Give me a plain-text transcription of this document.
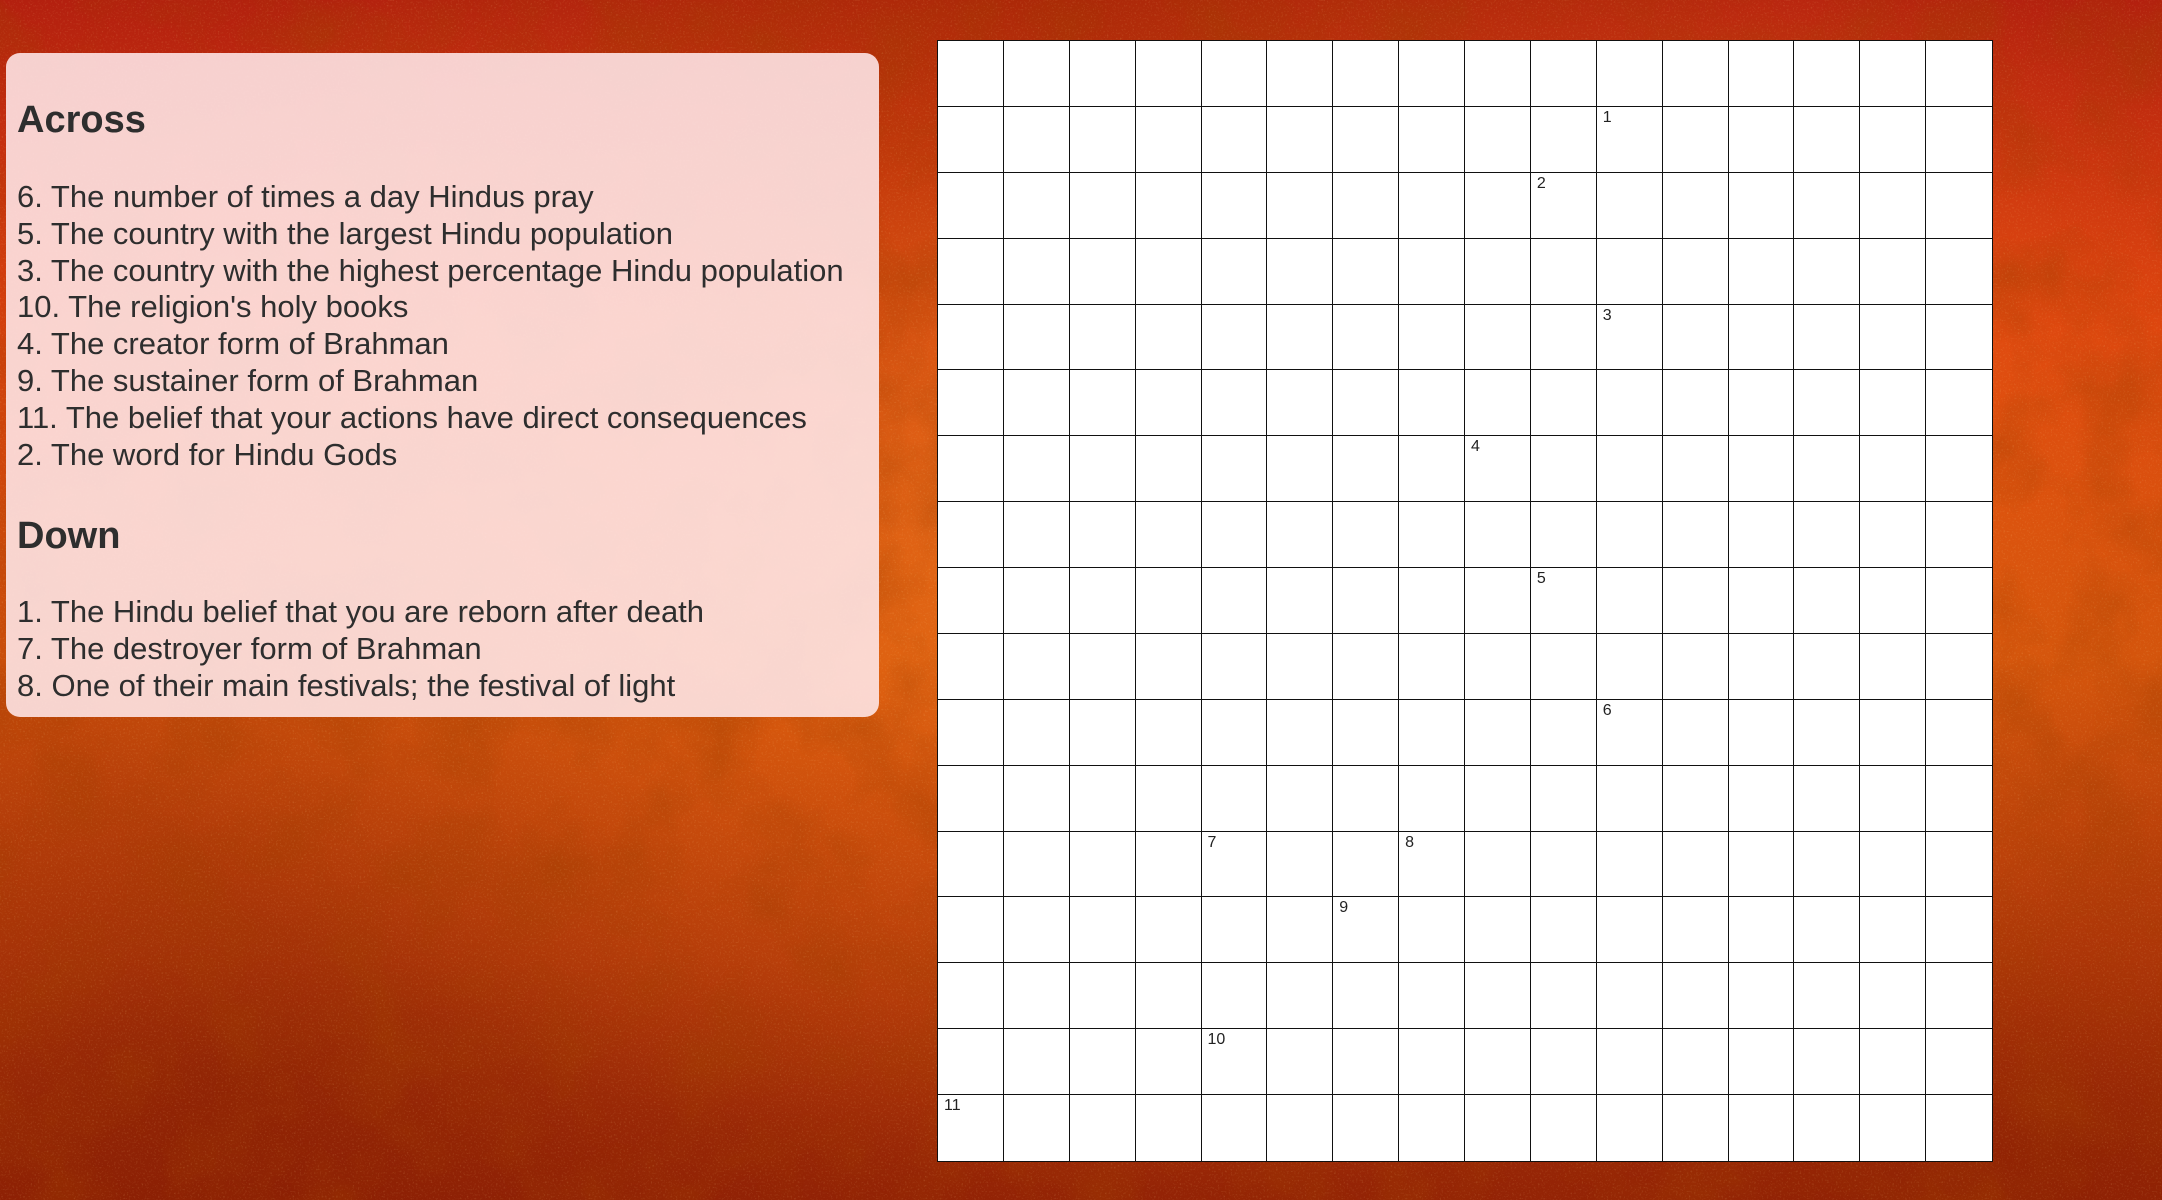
Across
6. The number of times a day Hindus pray
5. The country with the largest Hindu population
3. The country with the highest percentage Hindu population
10. The religion's holy books
4. The creator form of Brahman
9. The sustainer form of Brahman
11. The belief that your actions have direct consequences
2. The word for Hindu Gods
Down
1. The Hindu belief that you are reborn after death
7. The destroyer form of Brahman
8. One of their main festivals; the festival of light
1
2
3
4
5
6
7	8
9
10
11
